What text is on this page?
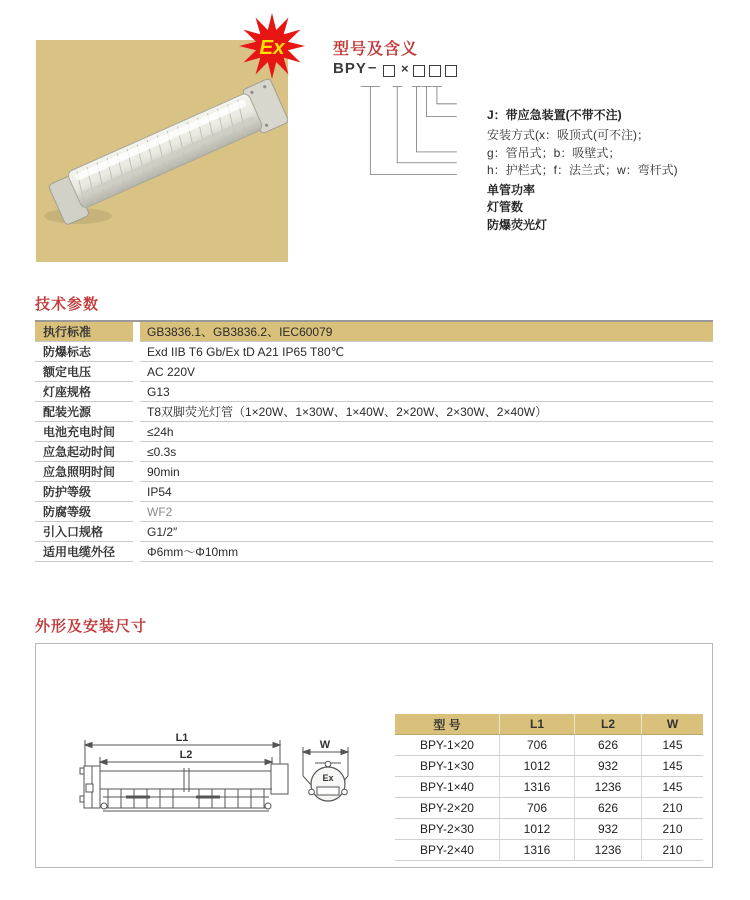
Ex	型号及含义
BPY – ×
J：带应急装置(不带不注)
安装方式(x：吸顶式(可不注)；
g：管吊式；b：吸壁式；
h：护栏式；f：法兰式；w：弯杆式)
单管功率
灯管数
防爆荧光灯
技术参数
执行标准	GB3836.1、GB3836.2、IEC60079
防爆标志	Exd IIB T6 Gb/Ex tD A21 IP65 T80℃
额定电压	AC 220V
灯座规格	G13
配装光源	T8双脚荧光灯管（1×20W、1×30W、1×40W、2×20W、2×30W、2×40W）
电池充电时间	≤24h
应急起动时间	≤0.3s
应急照明时间	90min
防护等级	IP54
防腐等级	WF2
引入口规格	G1/2″
适用电缆外径	Φ6mm～Φ10mm
外形及安装尺寸
L1
L2
W
Ex
型 号	L1	L2	W
BPY-1×20	706	626	145
BPY-1×30	1012	932	145
BPY-1×40	1316	1236	145
BPY-2×20	706	626	210
BPY-2×30	1012	932	210
BPY-2×40	1316	1236	210
